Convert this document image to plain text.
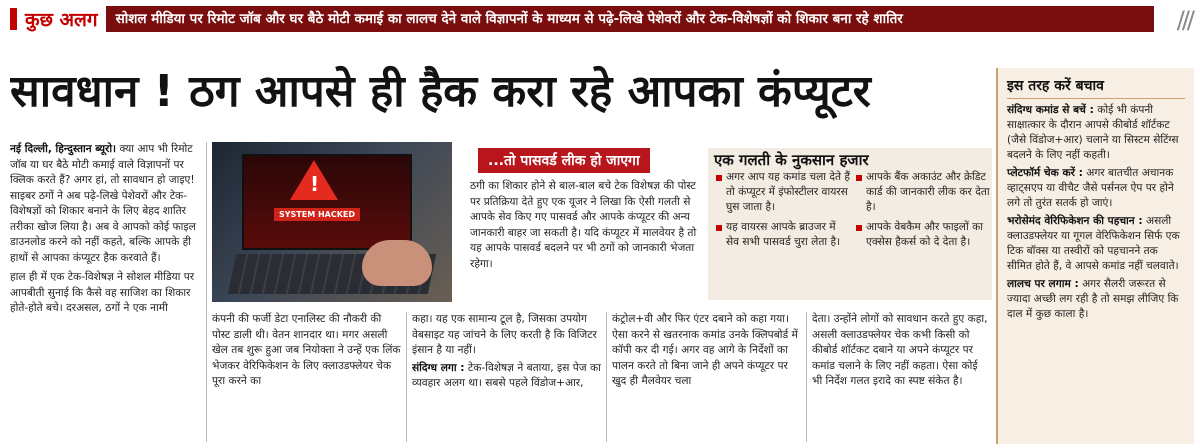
कुछ अलग	सोशल मीडिया पर रिमोट जॉब और घर बैठे मोटी कमाई का लालच देने वाले विज्ञापनों के माध्यम से पढ़े-लिखे पेशेवरों और टेक-विशेषज्ञों को शिकार बना रहे शातिर	///
सावधान ! ठग आपसे ही हैक करा रहे आपका कंप्यूटर
नई दिल्ली, हिन्दुस्तान ब्यूरो। क्या आप भी रिमोट जॉब या घर बैठे मोटी कमाई वाले विज्ञापनों पर क्लिक करते हैं? अगर हां, तो सावधान हो जाइए! साइबर ठगों ने अब पढ़े-लिखे पेशेवरों और टेक-विशेषज्ञों को शिकार बनाने के लिए बेहद शातिर तरीका खोज लिया है। अब वे आपको कोई फाइल डाउनलोड करने को नहीं कहते, बल्कि आपके ही हाथों से आपका कंप्यूटर हैक करवाते हैं।
हाल ही में एक टेक-विशेषज्ञ ने सोशल मीडिया पर आपबीती सुनाई कि कैसे वह साजिश का शिकार होते-होते बचे। दरअसल, ठगों ने एक नामी
!
SYSTEM HACKED
...तो पासवर्ड लीक हो जाएगा

ठगी का शिकार होने से बाल-बाल बचे टेक विशेषज्ञ की पोस्ट पर प्रतिक्रिया देते हुए एक यूजर ने लिखा कि ऐसी गलती से आपके सेव किए गए पासवर्ड और आपके कंप्यूटर की अन्य जानकारी बाहर जा सकती है। यदि कंप्यूटर में मालवेयर है तो यह आपके पासवर्ड बदलने पर भी ठगों को जानकारी भेजता रहेगा।

एक गलती के नुकसान हजार
अगर आप यह कमांड चला देते हैं तो कंप्यूटर में इंफोस्टीलर वायरस घुस जाता है।
यह वायरस आपके ब्राउजर में सेव सभी पासवर्ड चुरा लेता है।
आपके बैंक अकाउंट और क्रेडिट कार्ड की जानकारी लीक कर देता है।
आपके वेबकैम और फाइलों का एक्सेस हैकर्स को दे देता है।
कंपनी की फर्जी डेटा एनालिस्ट की नौकरी की पोस्ट डाली थी। वेतन शानदार था। मगर असली खेल तब शुरू हुआ जब नियोक्ता ने उन्हें एक लिंक भेजकर वेरिफिकेशन के लिए क्लाउडफ्लेयर चेक पूरा करने का
कहा। यह एक सामान्य टूल है, जिसका उपयोग वेबसाइट यह जांचने के लिए करती है कि विजिटर इंसान है या नहीं।
संदिग्ध लगा : टेक-विशेषज्ञ ने बताया, इस पेज का व्यवहार अलग था। सबसे पहले विंडोज+आर,
कंट्रोल+वी और फिर एंटर दबाने को कहा गया। ऐसा करने से खतरनाक कमांड उनके क्लिपबोर्ड में कॉपी कर दी गई। अगर वह आगे के निर्देशों का पालन करते तो बिना जाने ही अपने कंप्यूटर पर खुद ही मैलवेयर चला
देता। उन्होंने लोगों को सावधान करते हुए कहा, असली क्लाउडफ्लेयर चेक कभी किसी को कीबोर्ड शॉर्टकट दबाने या अपने कंप्यूटर पर कमांड चलाने के लिए नहीं कहता। ऐसा कोई भी निर्देश गलत इरादे का स्पष्ट संकेत है।
इस तरह करें बचाव

संदिग्ध कमांड से बचें : कोई भी कंपनी साक्षात्कार के दौरान आपसे कीबोर्ड शॉर्टकट (जैसे विंडोज+आर) चलाने या सिस्टम सेटिंग्स बदलने के लिए नहीं कहती।

प्लेटफॉर्म चेक करें : अगर बातचीत अचानक व्हाट्सएप या वीचैट जैसे पर्सनल ऐप पर होने लगे तो तुरंत सतर्क हो जाएं।

भरोसेमंद वेरिफिकेशन की पहचान : असली क्लाउडफ्लेयर या गूगल वेरिफिकेशन सिर्फ एक टिक बॉक्स या तस्वीरों को पहचानने तक सीमित होते हैं, वे आपसे कमांड नहीं चलवाते।

लालच पर लगाम : अगर सैलरी जरूरत से ज्यादा अच्छी लग रही है तो समझ लीजिए कि दाल में कुछ काला है।
